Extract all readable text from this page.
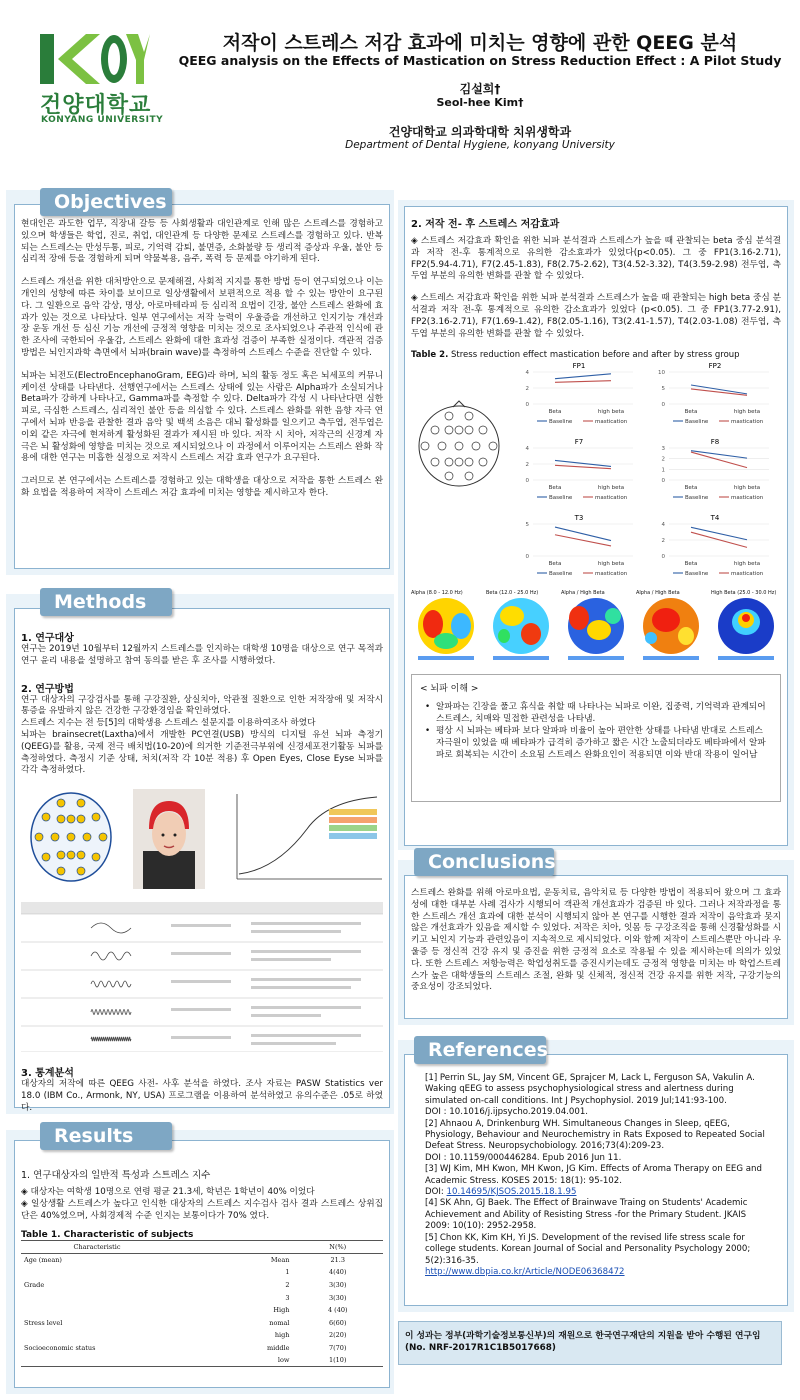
건양대학교
KONYANG UNIVERSITY
저작이 스트레스 저감 효과에 미치는 영향에 관한 QEEG 분석
QEEG analysis on the Effects of Mastication on Stress Reduction Effect : A Pilot Study
김설희†
Seol-hee Kim†
건양대학교 의과학대학 치위생학과
Department of Dental Hygiene, konyang University

현대인은 과도한 업무, 직장내 갈등 등 사회생활과 대인관계로 인해 많은 스트레스를 경험하고 있으며 학생들은 학업, 진로, 취업, 대인관계 등 다양한 문제로 스트레스를 경험하고 있다. 반복되는 스트레스는 만성두통, 피로, 기억력 감퇴, 불면증, 소화불량 등 생리적 증상과 우울, 불안 등 심리적 장애 등을 경험하게 되며 약물복용, 음주, 폭력 등 문제를 야기하게 된다.

스트레스 개선을 위한 대처방안으로 문제해결, 사회적 지지를 통한 방법 등이 연구되었으나 이는 개인의 성향에 따른 차이를 보이므로 일상생활에서 보편적으로 적용 할 수 있는 방안이 요구된다. 그 일환으로 음악 감상, 명상, 아로마테라피 등 심리적 요법이 긴장, 불안 스트레스 완화에 효과가 있는 것으로 나타났다. 일부 연구에서는 저작 능력이 우울증을 개선하고 인지기능 개선과 장 운동 개선 등 심신 기능 개선에 긍정적 영향을 미치는 것으로 조사되었으나 주관적 인식에 관한 조사에 국한되어 우울감, 스트레스 완화에 대한 효과성 검증이 부족한 실정이다. 객관적 검증 방법은 뇌인지과학 측면에서 뇌파(brain wave)를 측정하여 스트레스 수준을 진단할 수 있다.

뇌파는 뇌전도(ElectroEncephanoGram, EEG)라 하며, 뇌의 활동 정도 혹은 뇌세포의 커뮤니케이션 상태를 나타낸다. 선행연구에서는 스트레스 상태에 있는 사람은 Alpha파가 소실되거나 Beta파가 강하게 나타나고, Gamma파를 측정할 수 있다. Delta파가 각성 시 나타난다면 심한 피로, 극심한 스트레스, 심리적인 불안 등을 의심할 수 있다. 스트레스 완화를 위한 음향 자극 연구에서 뇌파 반응을 관찰한 결과 음악 및 백색 소음은 대뇌 활성화를 일으키고 측두엽, 전두엽은 이외 같은 자극에 현저하게 활성화된 결과가 제시된 바 있다. 저작 시 치아, 저작근의 신경계 자극은 뇌 활성화에 영향을 미치는 것으로 제시되었으나 이 과정에서 이루어지는 스트레스 완화 작용에 대한 연구는 미흡한 실정으로 저작시 스트레스 저감 효과 연구가 요구된다.

그러므로 본 연구에서는 스트레스를 경험하고 있는 대학생을 대상으로 저작을 통한 스트레스 완화 요법을 적용하여 저작이 스트레스 저감 효과에 미치는 영향을 제시하고자 한다.

Objectives
1. 연구대상
연구는 2019년 10월부터 12월까지 스트레스를 인지하는 대학생 10명을 대상으로 연구 목적과 연구 윤리 내용을 설명하고 참여 동의를 받은 후 조사를 시행하였다.
2. 연구방법
연구 대상자의 구강검사를 통해 구강질환, 상실치아, 악관절 질환으로 인한 저작장애 및 저작시 통증을 유발하지 않은 건강한 구강환경임을 확인하였다.
스트레스 지수는 전 등[5]의 대학생용 스트레스 설문지를 이용하여조사 하였다
뇌파는 brainsecret(Laxtha)에서 개발한 PC연결(USB) 방식의 디지털 유선 뇌파 측정기(QEEG)를 활용, 국제 전극 배치법(10-20)에 의거한 기준전극부위에 신경세포전기활동 뇌파를 측정하였다. 측정시 기준 상태, 처치(저작 각 10분 적용) 후 Open Eyes, Close Eyse 뇌파를 각각 측정하였다.
3. 통계분석
대상자의 저작에 따른 QEEG 사전- 사후 분석을 하였다. 조사 자료는 PASW Statistics ver 18.0 (IBM Co., Armonk, NY, USA) 프로그램을 이용하여 분석하였고 유의수준은 .05로 하였다.
Methods
1. 연구대상자의 일반적 특성과 스트레스 지수
◈ 대상자는 여학생 10명으로 연령 평균 21.3세, 학년은 1학년이 40% 이었다
◈ 일상생활 스트레스가 높다고 인식한 대상자의 스트레스 지수검사 검사 결과 스트레스 상위집단은 40%였으며, 사회경제적 수준 인지는 보통이다가 70% 였다.
Table 1. Characteristic of subjects
Characteristic		N(%)
Age (mean)	Mean	21.3
	1	4(40)
Grade	2	3(30)
	3	3(30)
	High	4 (40)
Stress level	nomal	6(60)
	high	2(20)
Socioeconomic status	middle	7(70)
	low	1(10)
Results
2. 저작 전- 후 스트레스 저감효과
◈ 스트레스 저감효과 확인을 위한 뇌파 분석결과 스트레스가 높을 때 관찰되는 beta 중심 분석결과 저작 전-후 통계적으로 유의한 감소효과가 있었다(p<0.05). 그 중 FP1(3.16-2.71), FP2(5.94-4.71), F7(2.45-1.83), F8(2.75-2.62), T3(4.52-3.32), T4(3.59-2.98) 전두엽, 측두엽 부분의 유의한 변화를 관찰 할 수 있었다.
◈ 스트레스 저감효과 확인을 위한 뇌파 분석결과 스트레스가 높을 때 관찰되는 high beta 중심 분석결과 저작 전-후 통계적으로 유의한 감소효과가 있었다 (p<0.05). 그 중 FP1(3.77-2.91), FP2(3.16-2.71), F7(1.69-1.42), F8(2.05-1.16), T3(2.41-1.57), T4(2.03-1.08) 전두엽, 측두엽 부분의 유의한 변화를 관찰 할 수 있었다.
Table 2. Stress reduction effect mastication before and after by stress group
FP1
0
2
4
Beta	high beta
Baseline	mastication
FP2
0
5
10
Beta	high beta
Baseline	mastication
F7
0
2
4
Beta	high beta
Baseline	mastication
F8
0
1
2
3
Beta	high beta
Baseline	mastication
T3
0
5
Beta	high beta
Baseline	mastication
T4
0
2
4
Beta	high beta
Baseline	mastication
Alpha (8.0 - 12.0 Hz)	Beta (12.0 - 25.0 Hz)	Alpha / High Beta	Alpha / High Beta	High Beta (25.0 - 30.0 Hz)
< 뇌파 이해 >
• 알파파는 긴장을 풀고 휴식을 취할 때 나타나는 뇌파로 이완, 집중력, 기억력과 관계되어 스트레스, 치매와 밀접한 관련성을 나타냄.
• 평상 시 뇌파는 베타파 보다 알파파 비율이 높아 편안한 상태를 나타냄 반대로 스트레스 자극원이 있었을 때 베타파가 급격히 증가하고 짧은 시간 노출되더라도 베타파에서 알파파로 회복되는 시간이 소요됨 스트레스 완화요인이 적용되면 이와 반대 작용이 일어남
스트레스 완화를 위해 아로마요법, 운동치료, 음악치료 등 다양한 방법이 적용되어 왔으며 그 효과성에 대한 대부분 사례 검사가 시행되어 객관적 개선효과가 검증된 바 있다. 그러나 저작과정을 통한 스트레스 개선 효과에 대한 분석이 시행되지 않아 본 연구를 시행한 결과 저작이 음악효과 못지 않은 개선효과가 있음을 제시할 수 있었다. 저작은 치아, 잇몸 등 구강조직을 통해 신경활성화를 시키고 뇌인지 기능과 관련있음이 지속적으로 제시되었다. 이와 함께 저작이 스트레스뿐만 아니라 우울증 등 정신적 건강 유지 및 증진을 위한 긍정적 요소로 작용될 수 있을 제시하는데 의의가 있었다. 또한 스트레스 저항능력은 학업성취도를 증진시키는데도 긍정적 영향을 미치는 바 학업스트레스가 높은 대학생들의 스트레스 조절, 완화 및 신체적, 정신적 건강 유지를 위한 저작, 구강기능의 중요성이 강조되었다.
Conclusions
[1] Perrin SL, Jay SM, Vincent GE, Sprajcer M, Lack L, Ferguson SA, Vakulin A. Waking qEEG to assess psychophysiological stress and alertness during simulated on-call conditions. Int J Psychophysiol. 2019 Jul;141:93-100.
DOI : 10.1016/j.ijpsycho.2019.04.001.
[2] Ahnaou A, Drinkenburg WH. Simultaneous Changes in Sleep, qEEG, Physiology, Behaviour and Neurochemistry in Rats Exposed to Repeated Social Defeat Stress. Neuropsychobiology. 2016;73(4):209-23.
DOI : 10.1159/000446284. Epub 2016 Jun 11.
[3] WJ Kim, MH Kwon, MH Kwon, JG Kim. Effects of Aroma Therapy on EEG and Academic Stress. KOSES 2015: 18(1): 95-102.
DOI: 10.14695/KJSOS.2015.18.1.95
[4] SK Ahn, GJ Baek. The Effect of Brainwave Traing on Students' Academic Achievement and Ability of Resisting Stress -for the Primary Student. JKAIS 2009: 10(10): 2952-2958.
[5] Chon KK, Kim KH, Yi JS. Development of the revised life stress scale for college students. Korean Journal of Social and Personality Psychology 2000; 5(2):316-35.
http://www.dbpia.co.kr/Article/NODE06368472
References
이 성과는 정부(과학기술정보통신부)의 재원으로 한국연구재단의 지원을 받아 수행된 연구임(No. NRF-2017R1C1B5017668)
